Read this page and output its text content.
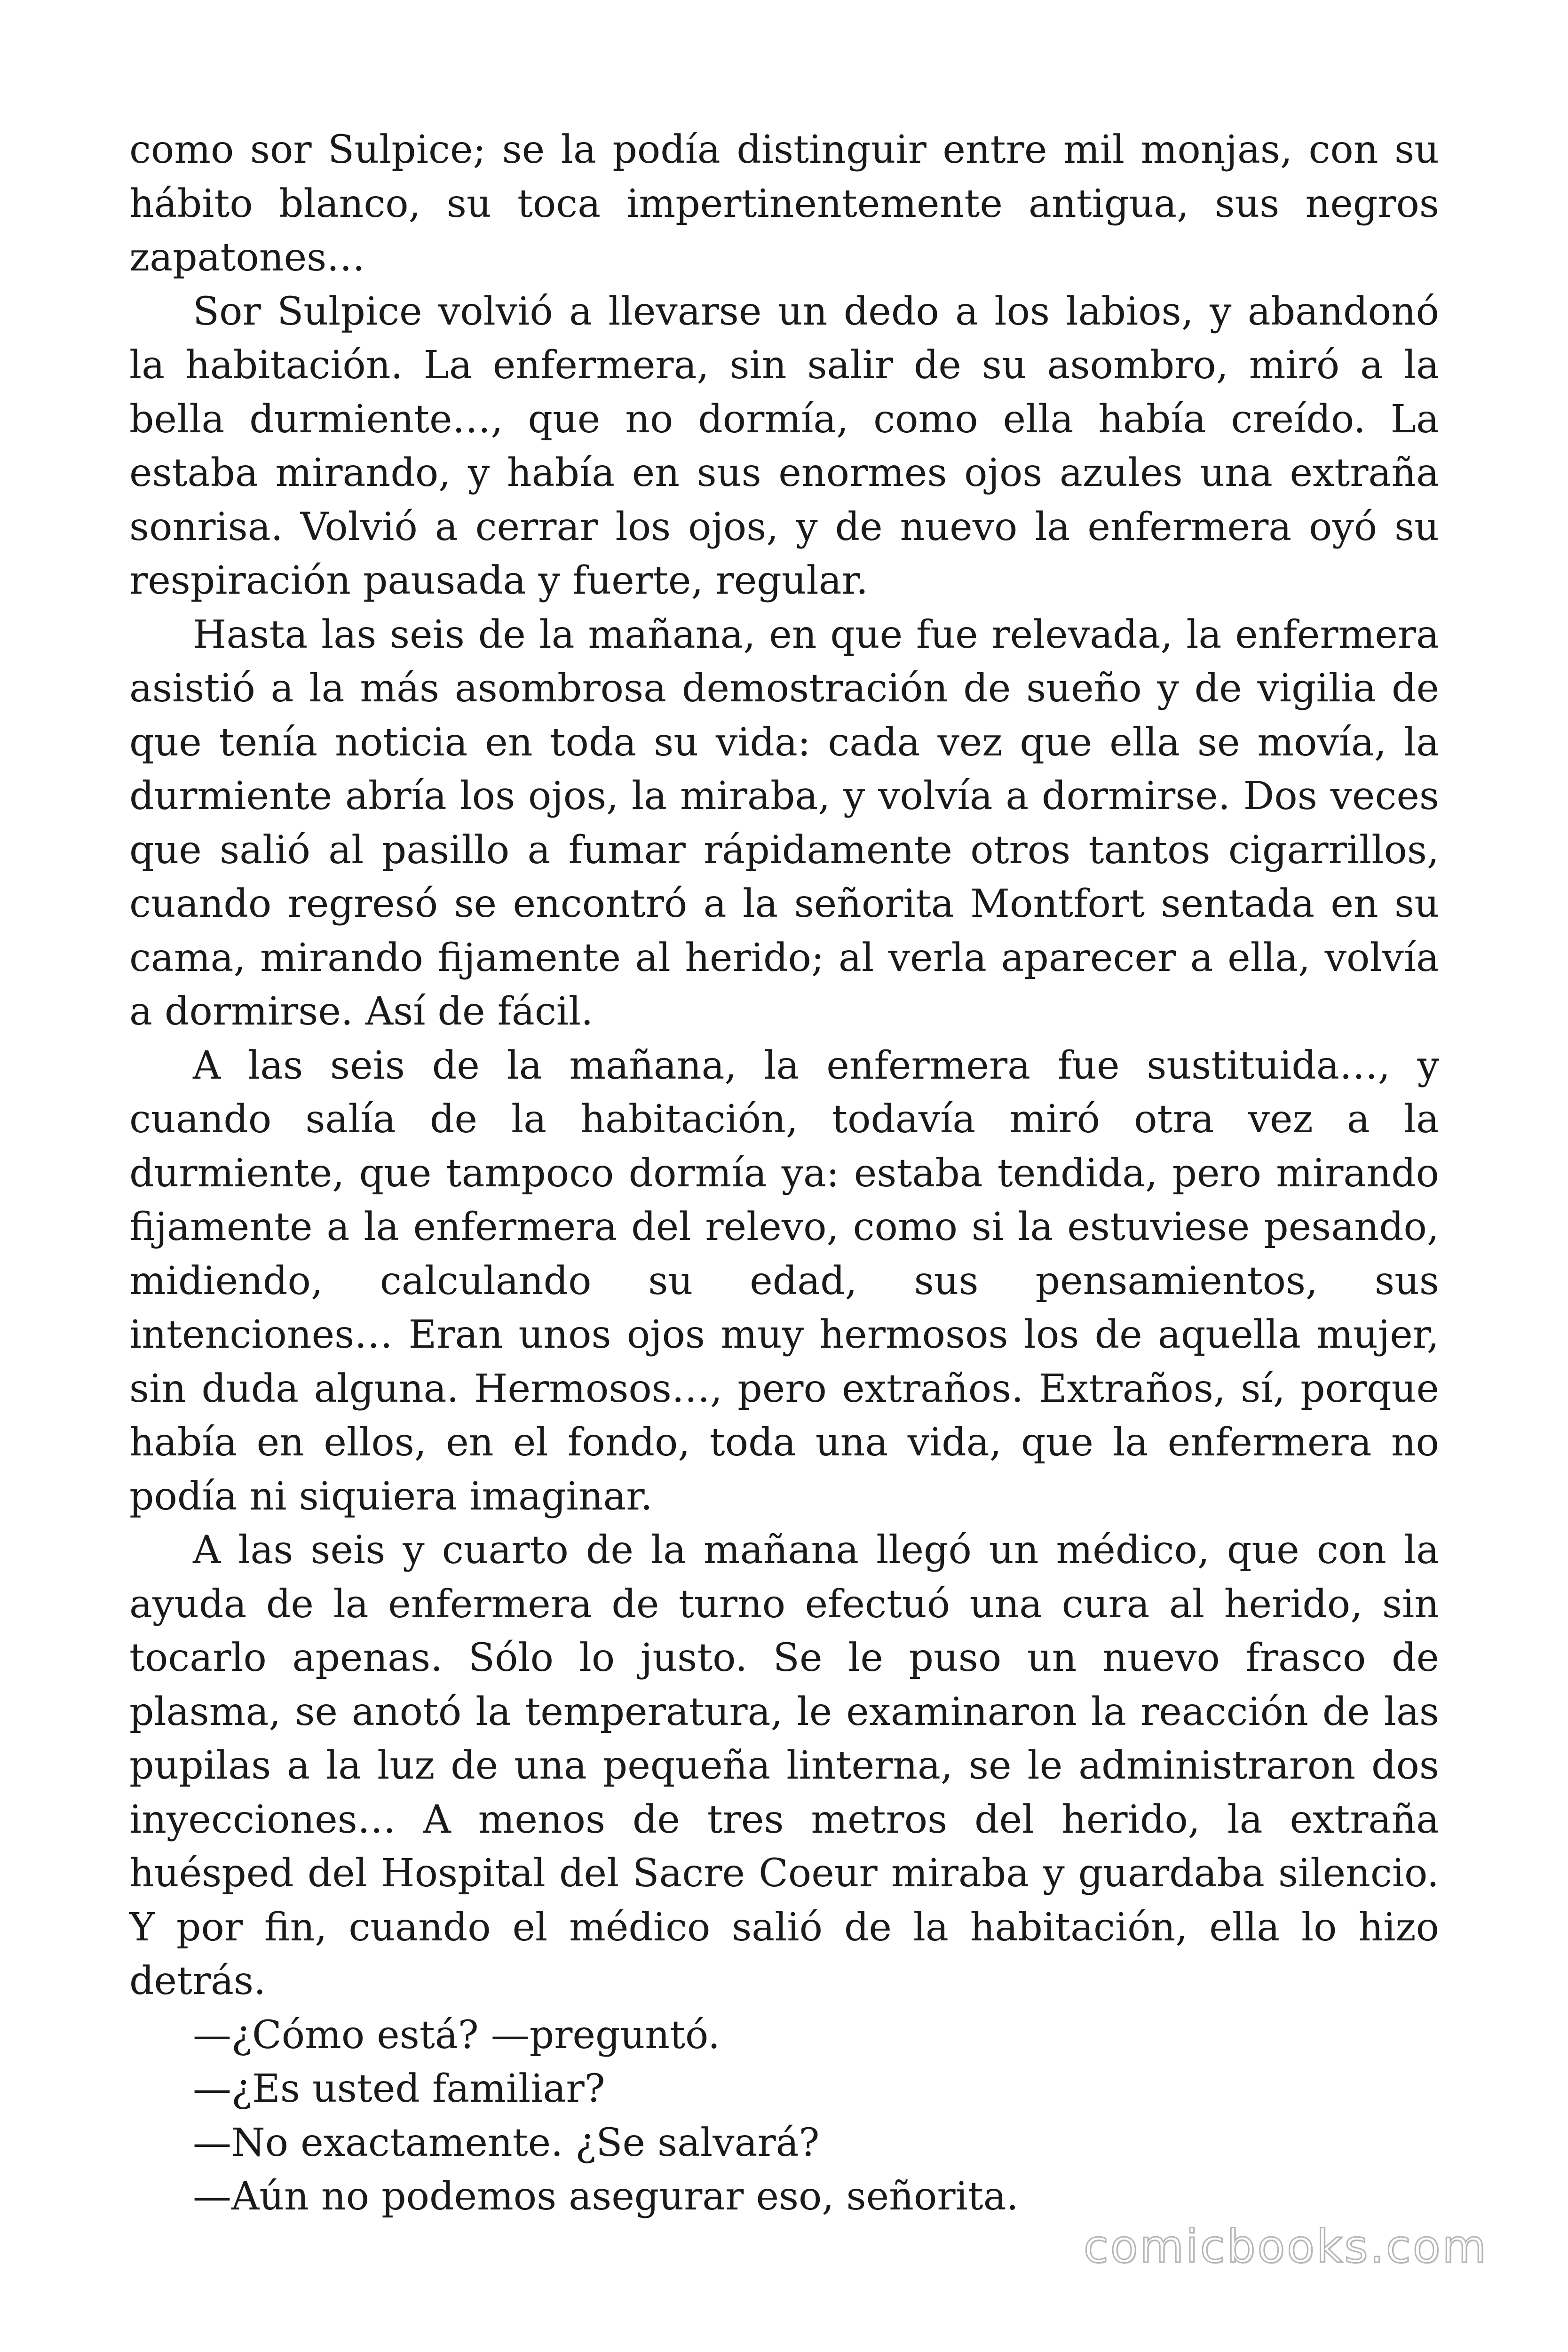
como sor Sulpice; se la podía distinguir entre mil monjas, con su hábito blanco, su toca impertinentemente antigua, sus negros zapatones…

Sor Sulpice volvió a llevarse un dedo a los labios, y abandonó la habitación. La enfermera, sin salir de su asombro, miró a la bella durmiente…, que no dormía, como ella había creído. La estaba mirando, y había en sus enormes ojos azules una extraña sonrisa. Volvió a cerrar los ojos, y de nuevo la enfermera oyó su respiración pausada y fuerte, regular.

Hasta las seis de la mañana, en que fue relevada, la enfermera asistió a la más asombrosa demostración de sueño y de vigilia de que tenía noticia en toda su vida: cada vez que ella se movía, la durmiente abría los ojos, la miraba, y volvía a dormirse. Dos veces que salió al pasillo a fumar rápidamente otros tantos cigarrillos, cuando regresó se encontró a la señorita Montfort sentada en su cama, mirando fijamente al herido; al verla aparecer a ella, volvía a dormirse. Así de fácil.

A las seis de la mañana, la enfermera fue sustituida…, y cuando salía de la habitación, todavía miró otra vez a la durmiente, que tampoco dormía ya: estaba tendida, pero mirando fijamente a la enfermera del relevo, como si la estuviese pesando, midiendo, calculando su edad, sus pensamientos, sus intenciones… Eran unos ojos muy hermosos los de aquella mujer, sin duda alguna. Hermosos…, pero extraños. Extraños, sí, porque había en ellos, en el fondo, toda una vida, que la enfermera no podía ni siquiera imaginar.

A las seis y cuarto de la mañana llegó un médico, que con la ayuda de la enfermera de turno efectuó una cura al herido, sin tocarlo apenas. Sólo lo justo. Se le puso un nuevo frasco de plasma, se anotó la temperatura, le examinaron la reacción de las pupilas a la luz de una pequeña linterna, se le administraron dos inyecciones… A menos de tres metros del herido, la extraña huésped del Hospital del Sacre Coeur miraba y guardaba silencio. Y por fin, cuando el médico salió de la habitación, ella lo hizo detrás.

—¿Cómo está? —preguntó.

—¿Es usted familiar?

—No exactamente. ¿Se salvará?

—Aún no podemos asegurar eso, señorita.

comicbooks.com
